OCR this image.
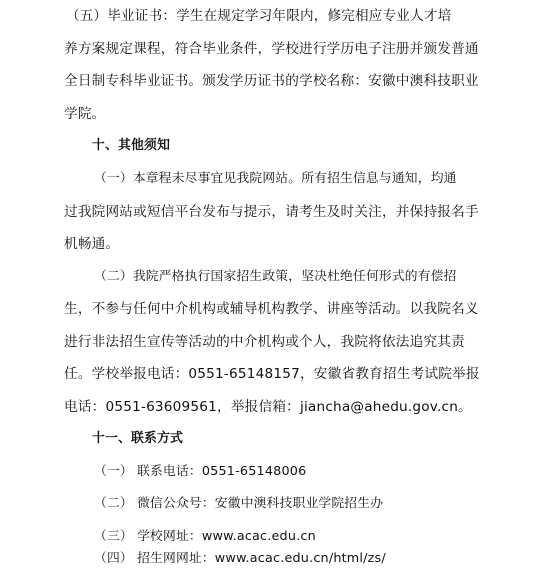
（五）毕业证书：学生在规定学习年限内，修完相应专业人才培
养方案规定课程，符合毕业条件，学校进行学历电子注册并颁发普通
全日制专科毕业证书。颁发学历证书的学校名称：安徽中澳科技职业
学院。
十、其他须知
（一）本章程未尽事宜见我院网站。所有招生信息与通知，均通
过我院网站或短信平台发布与提示，请考生及时关注，并保持报名手
机畅通。
（二）我院严格执行国家招生政策，坚决杜绝任何形式的有偿招
生，不参与任何中介机构或辅导机构教学、讲座等活动。以我院名义
进行非法招生宣传等活动的中介机构或个人，我院将依法追究其责
任。学校举报电话：0551-65148157，安徽省教育招生考试院举报
电话：0551-63609561，举报信箱：jiancha@ahedu.gov.cn。
十一、联系方式
（一） 联系电话：0551-65148006
（二） 微信公众号：安徽中澳科技职业学院招生办
（三） 学校网址：www.acac.edu.cn
（四） 招生网网址：www.acac.edu.cn/html/zs/
